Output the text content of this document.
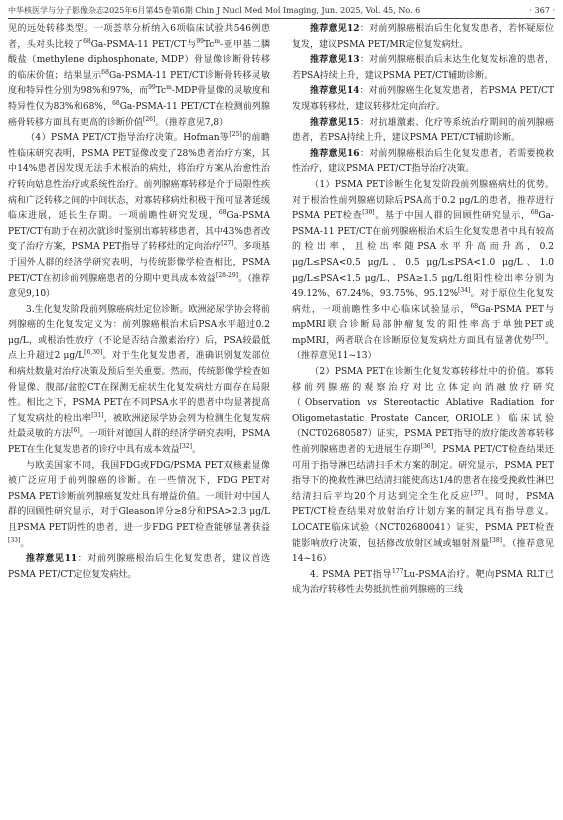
中华核医学与分子影像杂志2025年6月第45卷第6期 Chin J Nucl Med Mol Imaging, Jun. 2025, Vol. 45, No. 6	· 367 ·

见的远处转移类型。一项荟萃分析纳入6项临床试验共546例患者，头对头比较了$^{68}$Ga-PSMA-11 PET/CT与$^{99}$Tc$^m$-亚甲基二膦酸盐（methylene diphosphonate, MDP）骨显像诊断骨转移的临床价值；结果显示$^{68}$Ga-PSMA-11 PET/CT诊断骨转移灵敏度和特异性分别为98%和97%，而$^{99}$Tc$^m$-MDP骨显像的灵敏度和特异性仅为83%和68%，$^{68}$Ga-PSMA-11 PET/CT在检测前列腺癌骨转移方面具有更高的诊断价值[26]。（推荐意见7,8）

（4）PSMA PET/CT指导治疗决策。Hofman等[25]的前瞻性临床研究表明，PSMA PET显像改变了28%患者治疗方案，其中14%患者因发现无法手术根治的病灶，将治疗方案从治愈性治疗转向姑息性治疗或系统性治疗。前列腺癌寡转移是介于局限性疾病和广泛转移之间的中间状态，对寡转移病灶积极干预可显著延缓临床进展，延长生存期。一项前瞻性研究发现，$^{68}$Ga-PSMA PET/CT有助于在初次就诊时鉴别出寡转移患者，其中43%患者改变了治疗方案，PSMA PET指导了转移灶的定向治疗[27]。多项基于国外人群的经济学研究表明，与传统影像学检查相比，PSMA PET/CT在初诊前列腺癌患者的分期中更具成本效益[28-29]。（推荐意见9,10）

3.生化复发阶段前列腺癌病灶定位诊断。欧洲泌尿学协会将前列腺癌的生化复发定义为：前列腺癌根治术后PSA水平超过0.2 μg/L，或根治性放疗（不论是否结合激素治疗）后，PSA较最低点上升超过2 μg/L[6,30]。对于生化复发患者，准确识别复发部位和病灶数量对治疗决策及预后至关重要。然而，传统影像学检查如骨显像、腹部/盆腔CT在探测无症状生化复发病灶方面存在局限性。相比之下，PSMA PET在不同PSA水平的患者中均显著提高了复发病灶的检出率[31]，被欧洲泌尿学协会列为检测生化复发病灶最灵敏的方法[6]。一项针对德国人群的经济学研究表明，PSMA PET在生化复发患者的诊疗中具有成本效益[32]。

与欧美国家不同，我国FDG或FDG/PSMA PET双核素显像被广泛应用于前列腺癌的诊断。在一些情况下，FDG PET对PSMA PET诊断前列腺癌复发灶具有增益价值。一项针对中国人群的回顾性研究显示，对于Gleason评分≥8分和PSA>2.3 μg/L且PSMA PET阴性的患者，进一步FDG PET检查能够显著获益[33]。

推荐意见11：对前列腺癌根治后生化复发患者，建议首选PSMA PET/CT定位复发病灶。

推荐意见12：对前列腺癌根治后生化复发患者，若怀疑原位复发，建议PSMA PET/MR定位复发病灶。

推荐意见13：对前列腺癌根治后未达生化复发标准的患者，若PSA持续上升，建议PSMA PET/CT辅助诊断。

推荐意见14：对前列腺癌生化复发患者，若PSMA PET/CT发现寡转移灶，建议转移灶定向治疗。

推荐意见15：对抗雄激素、化疗等系统治疗期间的前列腺癌患者，若PSA持续上升，建议PSMA PET/CT辅助诊断。

推荐意见16：对前列腺癌根治后生化复发患者，若需要挽救性治疗，建议PSMA PET/CT指导治疗决策。

（1）PSMA PET诊断生化复发阶段前列腺癌病灶的优势。对于根治性前列腺癌切除后PSA高于0.2 μg/L的患者，推荐进行PSMA PET检查[30]。基于中国人群的回顾性研究显示，$^{68}$Ga-PSMA-11 PET/CT在前列腺癌根治术后生化复发患者中具有较高的检出率，且检出率随PSA水平升高而升高，0.2 μg/L≤PSA<0.5 μg/L、0.5 μg/L≤PSA<1.0 μg/L、1.0 μg/L≤PSA<1.5 μg/L、PSA≥1.5 μg/L组阳性检出率分别为49.12%、67.24%、93.75%、95.12%[34]。对于原位生化复发病灶，一项前瞻性多中心临床试验显示，$^{68}$Ga-PSMA PET与mpMRI联合诊断局部肿瘤复发的阳性率高于单独PET或mpMRI，两者联合在诊断原位复发病灶方面具有显著优势[35]。（推荐意见11~13）

（2）PSMA PET在诊断生化复发寡转移灶中的价值。寡转移前列腺癌的观察治疗对比立体定向消融放疗研究（Observation vs Stereotactic Ablative Radiation for Oligometastatic Prostate Cancer, ORIOLE）临床试验（NCT02680587）证实，PSMA PET指导的放疗能改善寡转移性前列腺癌患者的无进展生存期[36]。PSMA PET/CT检查结果还可用于指导淋巴结清扫手术方案的制定。研究显示，PSMA PET指导下的挽救性淋巴结清扫能使高达1/4的患者在接受挽救性淋巴结清扫后平均20个月达到完全生化反应[37]。同时，PSMA PET/CT检查结果对放射治疗计划方案的制定具有指导意义。LOCATE临床试验（NCT02680041）证实，PSMA PET检查能影响放疗决策，包括修改放射区域或辐射剂量[38]。（推荐意见14~16）

4. PSMA PET指导$^{177}$Lu-PSMA治疗。靶向PSMA RLT已成为治疗转移性去势抵抗性前列腺癌的三线
